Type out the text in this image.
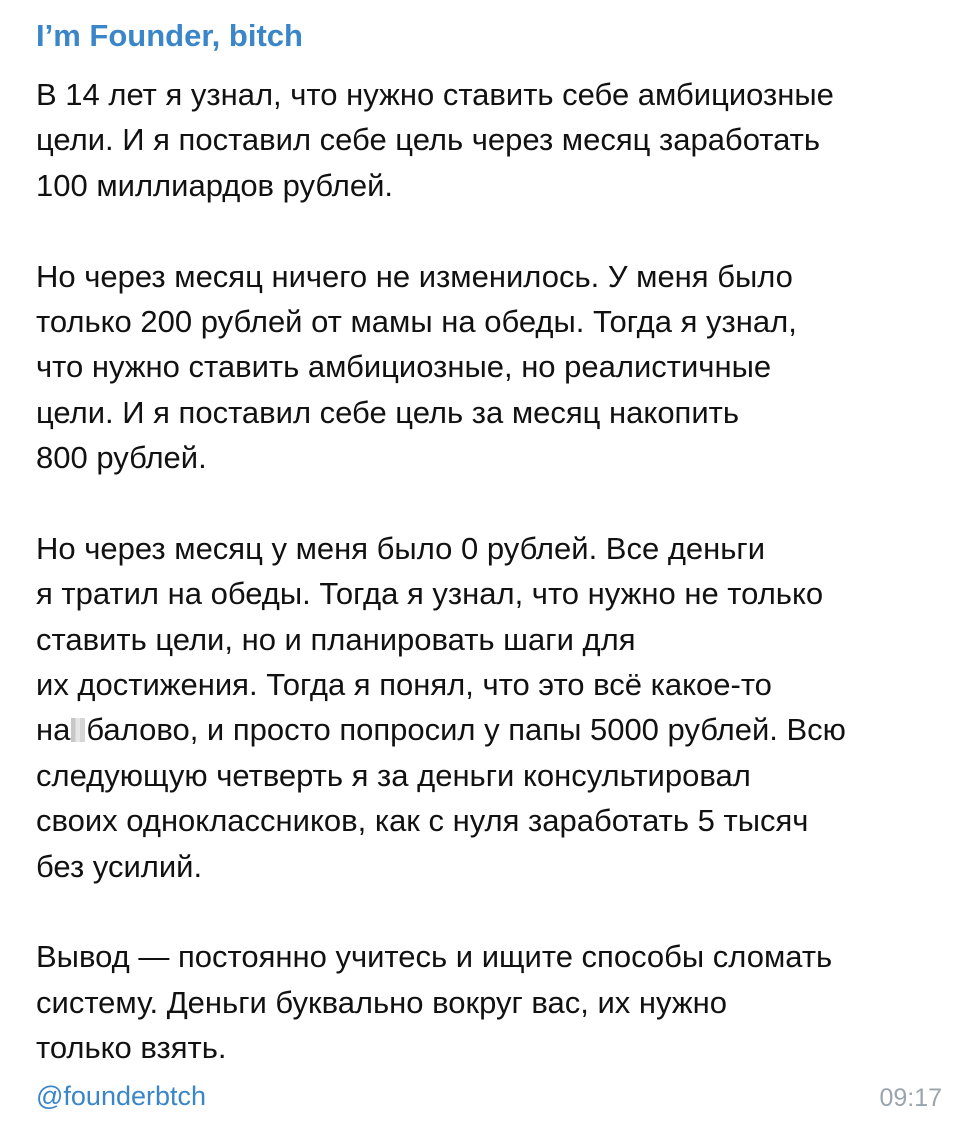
I’m Founder, bitch
В 14 лет я узнал, что нужно ставить себе амбициозные
цели. И я поставил себе цель через месяц заработать
100 миллиардов рублей.
Но через месяц ничего не изменилось. У меня было
только 200 рублей от мамы на обеды. Тогда я узнал,
что нужно ставить амбициозные, но реалистичные
цели. И я поставил себе цель за месяц накопить
800 рублей.
Но через месяц у меня было 0 рублей. Все деньги
я тратил на обеды. Тогда я узнал, что нужно не только
ставить цели, но и планировать шаги для
их достижения. Тогда я понял, что это всё какое-то
на балово, и просто попросил у папы 5000 рублей. Всю
следующую четверть я за деньги консультировал
своих одноклассников, как с нуля заработать 5 тысяч
без усилий.
Вывод — постоянно учитесь и ищите способы сломать
систему. Деньги буквально вокруг вас, их нужно
только взять.
@founderbtch	09:17
